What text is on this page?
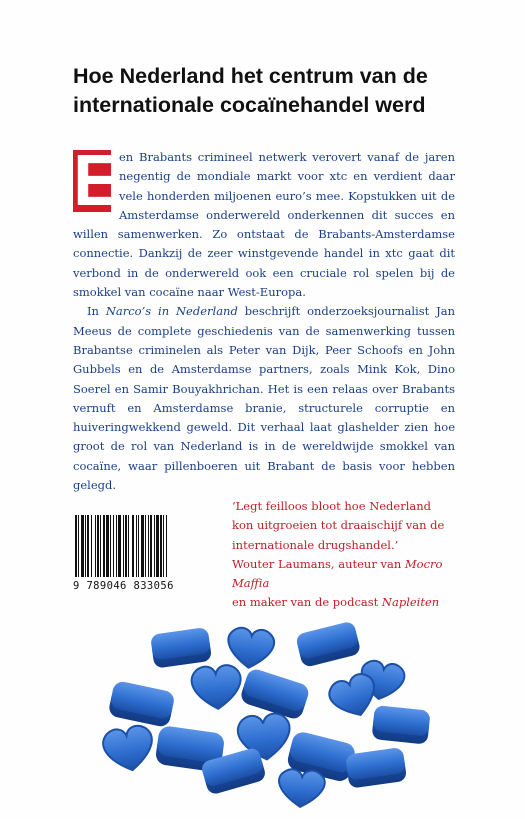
Hoe Nederland het centrum van de
internationale cocaïnehandel werd

E
en Brabants crimineel netwerk verovert vanaf de jaren negentig de mondiale markt voor xtc en verdient daar vele honderden miljoenen euro’s mee. Kopstukken uit de Amsterdamse onderwereld onderkennen dit succes en willen samenwerken. Zo ontstaat de Brabants-Amsterdamse connectie. Dankzij de zeer winstgevende handel in xtc gaat dit verbond in de onderwereld ook een cruciale rol spelen bij de smokkel van cocaïne naar West-Europa.

In Narco’s in Nederland beschrijft onderzoeksjournalist Jan Meeus de complete geschiedenis van de samenwerking tussen Brabantse criminelen als Peter van Dijk, Peer Schoofs en John Gubbels en de Amsterdamse partners, zoals Mink Kok, Dino Soerel en Samir Bouyakhrichan. Het is een relaas over Brabants vernuft en Amsterdamse branie, structurele corruptie en huiveringwekkend geweld. Dit verhaal laat glashelder zien hoe groot de rol van Nederland is in de wereldwijde smokkel van cocaïne, waar pillenboeren uit Brabant de basis voor hebben gelegd.

‘Legt feilloos bloot hoe Nederland

kon uitgroeien tot draaischijf van de

internationale drugshandel.’

Wouter Laumans, auteur van Mocro Maffia

en maker van de podcast Napleiten

9 789046 833056
